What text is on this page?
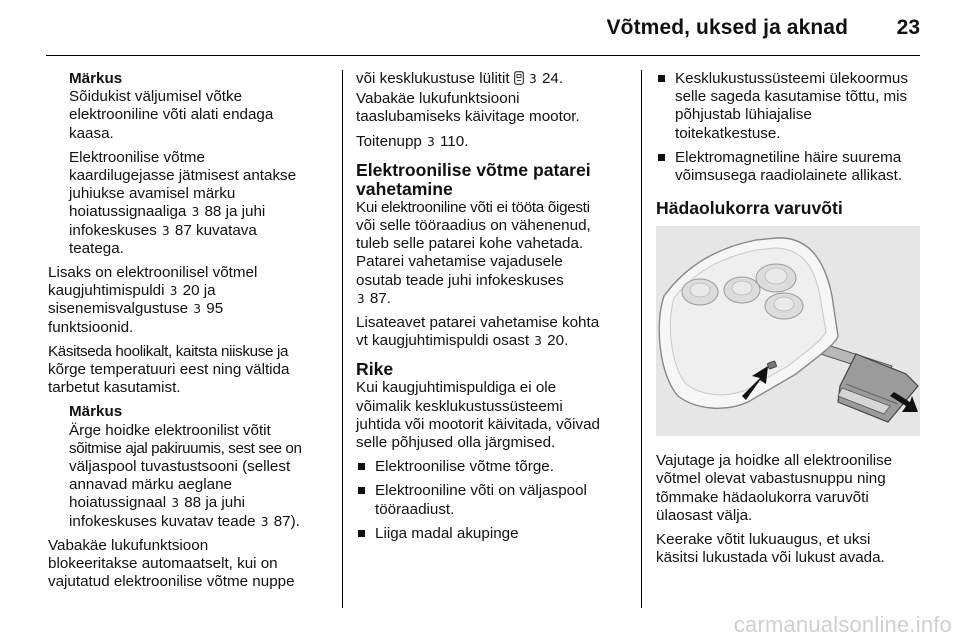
Võtmed, uksed ja aknad 23
Märkus
Sõidukist väljumisel võtke
elektrooniline võti alati endaga
kaasa.
Elektroonilise võtme
kaardilugejasse jätmisest antakse
juhiukse avamisel märku
hoiatussignaaliga 3 88 ja juhi
infokeskuses 3 87 kuvatava
teatega.
Lisaks on elektroonilisel võtmel
kaugjuhtimispuldi 3 20 ja
sisenemisvalgustuse 3 95
funktsioonid.
Käsitseda hoolikalt, kaitsta niiskuse ja
kõrge temperatuuri eest ning vältida
tarbetut kasutamist.
Märkus
Ärge hoidke elektroonilist võtit
sõitmise ajal pakiruumis, sest see on
väljaspool tuvastustsooni (sellest
annavad märku aeglane
hoiatussignaal 3 88 ja juhi
infokeskuses kuvatav teade 3 87).
Vabakäe lukufunktsioon
blokeeritakse automaatselt, kui on
vajutatud elektroonilise võtme nuppe
või kesklukustuse lülitit 3 24.
Vabakäe lukufunktsiooni
taaslubamiseks käivitage mootor.
Toitenupp 3 110.
Elektroonilise võtme patarei
vahetamine
Kui elektrooniline võti ei tööta õigesti
või selle tööraadius on vähenenud,
tuleb selle patarei kohe vahetada.
Patarei vahetamise vajadusele
osutab teade juhi infokeskuses
3 87.
Lisateavet patarei vahetamise kohta
vt kaugjuhtimispuldi osast 3 20.
Rike
Kui kaugjuhtimispuldiga ei ole
võimalik kesklukustussüsteemi
juhtida või mootorit käivitada, võivad
selle põhjused olla järgmised.
Elektroonilise võtme tõrge.
Elektrooniline võti on väljaspool
tööraadiust.
Liiga madal akupinge
Kesklukustussüsteemi ülekoormus
selle sageda kasutamise tõttu, mis
põhjustab lühiajalise
toitekatkestuse.
Elektromagnetiline häire suurema
võimsusega raadiolainete allikast.
Hädaolukorra varuvõti
Vajutage ja hoidke all elektroonilise
võtmel olevat vabastusnuppu ning
tõmmake hädaolukorra varuvõti
ülaosast välja.
Keerake võtit lukuaugus, et uksi
käsitsi lukustada või lukust avada.
carmanualsonline.info
